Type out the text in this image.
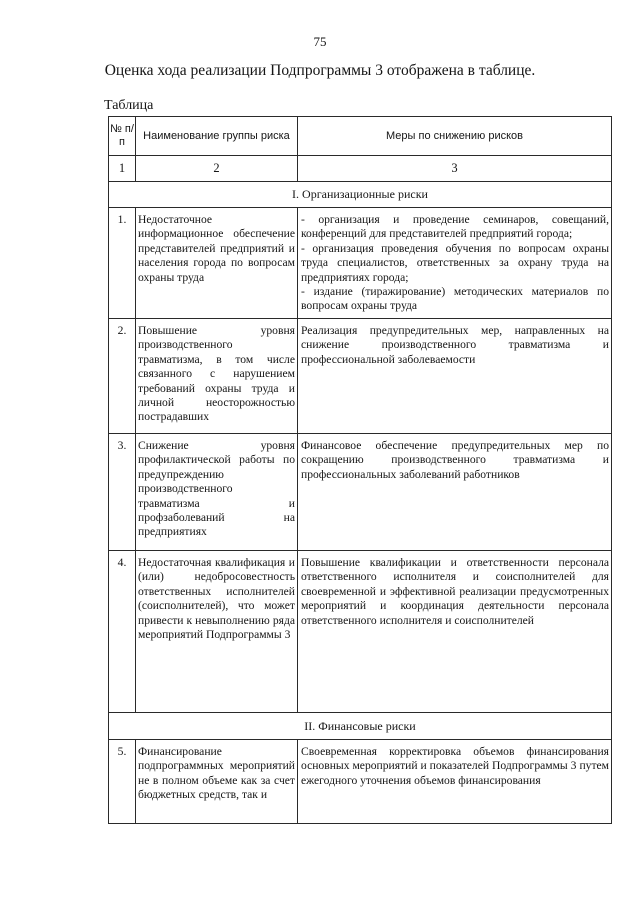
75
Оценка хода реализации Подпрограммы 3 отображена в таблице.
Таблица
№ п/п	Наименование группы риска	Меры по снижению рисков
1	2	3
I. Организационные риски		
1.	Недостаточное информационное обеспечение представителей предприятий и населения города по вопросам охраны труда	- организация и проведение семинаров, совещаний, конференций для представителей предприятий города;
- организация проведения обучения по вопросам охраны труда специалистов, ответственных за охрану труда на предприятиях города;
- издание (тиражирование) методических материалов по вопросам охраны труда

2.	Повышение уровня производственного травматизма, в том числе связанного с нарушением требований охраны труда и личной неосторожностью пострадавших	Реализация предупредительных мер, направленных на снижение производственного травматизма и профессиональной заболеваемости

3.	Снижение уровня профилактической работы по предупреждению производственного травматизма и профзаболеваний на предприятиях	Финансовое обеспечение предупредительных мер по сокращению производственного травматизма и профессиональных заболеваний работников

4.	Недостаточная квалификация и (или) недобросовестность ответственных исполнителей (соисполнителей), что может привести к невыполнению ряда мероприятий Подпрограммы 3	Повышение квалификации и ответственности персонала ответственного исполнителя и соисполнителей для своевременной и эффективной реализации предусмотренных мероприятий и координация деятельности персонала ответственного исполнителя и соисполнителей

II. Финансовые риски		
5.	Финансирование подпрограммных мероприятий не в полном объеме как за счет бюджетных средств, так и	Своевременная корректировка объемов финансирования основных мероприятий и показателей Подпрограммы 3 путем ежегодного уточнения объемов финансирования
